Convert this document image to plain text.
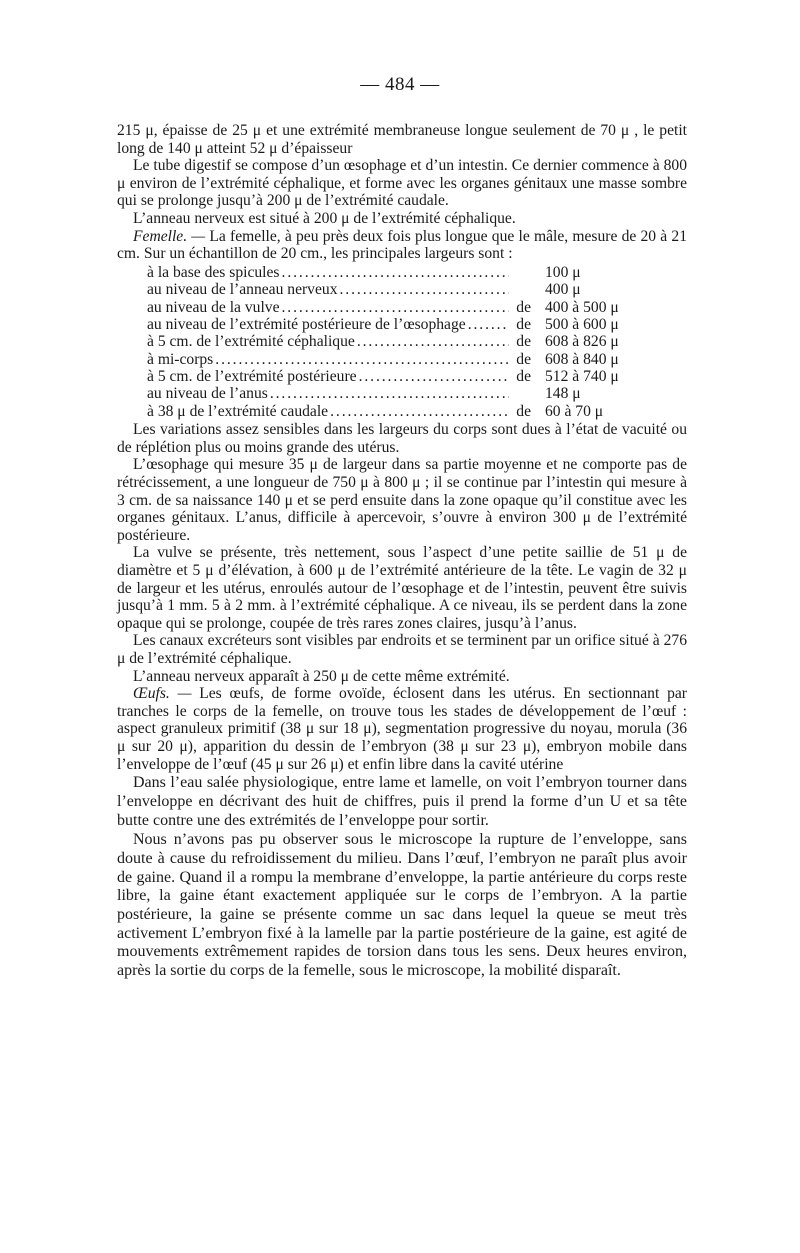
— 484 —

215 μ, épaisse de 25 μ et une extrémité membraneuse longue seulement de 70 μ , le petit long de 140 μ atteint 52 μ d’épaisseur

Le tube digestif se compose d’un œsophage et d’un intestin. Ce dernier commence à 800 μ environ de l’extrémité céphalique, et forme avec les organes génitaux une masse sombre qui se prolonge jusqu’à 200 μ de l’extrémité caudale.

L’anneau nerveux est situé à 200 μ de l’extrémité céphalique.

Femelle. — La femelle, à peu près deux fois plus longue que le mâle, mesure de 20 à 21 cm. Sur un échantillon de 20 cm., les principales largeurs sont :

à la base des spicules . . .	100 μ
au niveau de l’anneau nerveux . . .	400 μ
au niveau de la vulve . . .	de 400 à 500 μ
au niveau de l’extrémité postérieure de l’œsophage . . .	de 500 à 600 μ
à 5 cm. de l’extrémité céphalique . . .	de 608 à 826 μ
à mi-corps . . .	de 608 à 840 μ
à 5 cm. de l’extrémité postérieure . . .	de 512 à 740 μ
au niveau de l’anus . . .	148 μ
à 38 μ de l’extrémité caudale . . .	de 60 à 70 μ

Les variations assez sensibles dans les largeurs du corps sont dues à l’état de vacuité ou de réplétion plus ou moins grande des utérus.

L’œsophage qui mesure 35 μ de largeur dans sa partie moyenne et ne comporte pas de rétrécissement, a une longueur de 750 μ à 800 μ ; il se continue par l’intestin qui mesure à 3 cm. de sa naissance 140 μ et se perd ensuite dans la zone opaque qu’il constitue avec les organes génitaux. L’anus, difficile à apercevoir, s’ouvre à environ 300 μ de l’extrémité postérieure.

La vulve se présente, très nettement, sous l’aspect d’une petite saillie de 51 μ de diamètre et 5 μ d’élévation, à 600 μ de l’extrémité antérieure de la tête. Le vagin de 32 μ de largeur et les utérus, enroulés autour de l’œsophage et de l’intestin, peuvent être suivis jusqu’à 1 mm. 5 à 2 mm. à l’extrémité céphalique. A ce niveau, ils se perdent dans la zone opaque qui se prolonge, coupée de très rares zones claires, jusqu’à l’anus.

Les canaux excréteurs sont visibles par endroits et se terminent par un orifice situé à 276 μ de l’extrémité céphalique.

L’anneau nerveux apparaît à 250 μ de cette même extrémité.

Œufs. — Les œufs, de forme ovoïde, éclosent dans les utérus. En sectionnant par tranches le corps de la femelle, on trouve tous les stades de développement de l’œuf : aspect granuleux primitif (38 μ sur 18 μ), segmentation progressive du noyau, morula (36 μ sur 20 μ), apparition du dessin de l’embryon (38 μ sur 23 μ), embryon mobile dans l’enveloppe de l’œuf (45 μ sur 26 μ) et enfin libre dans la cavité utérine

Dans l’eau salée physiologique, entre lame et lamelle, on voit l’embryon tourner dans l’enveloppe en décrivant des huit de chiffres, puis il prend la forme d’un U et sa tête butte contre une des extrémités de l’enveloppe pour sortir.

Nous n’avons pas pu observer sous le microscope la rupture de l’enveloppe, sans doute à cause du refroidissement du milieu. Dans l’œuf, l’embryon ne paraît plus avoir de gaine. Quand il a rompu la membrane d’enveloppe, la partie antérieure du corps reste libre, la gaine étant exactement appliquée sur le corps de l’embryon. A la partie postérieure, la gaine se présente comme un sac dans lequel la queue se meut très activement L’embryon fixé à la lamelle par la partie postérieure de la gaine, est agité de mouvements extrêmement rapides de torsion dans tous les sens. Deux heures environ, après la sortie du corps de la femelle, sous le microscope, la mobilité disparaît.
